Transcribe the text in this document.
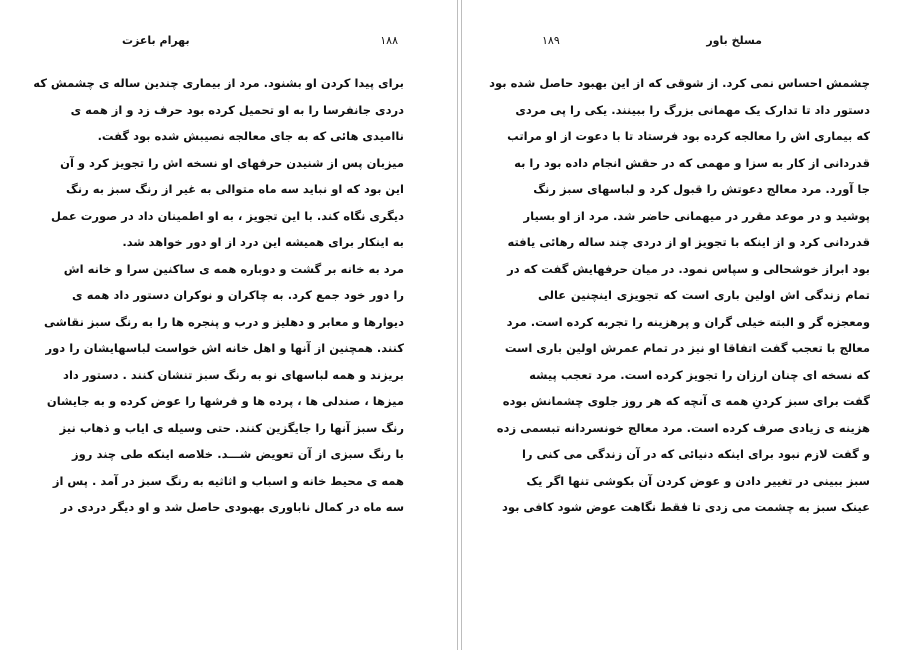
بهرام باعزت	۱۸۸
برای پیدا کردن او بشنود. مرد از بیماری چندین ساله ی چشمش که
دردی جانفرسا را به او تحمیل کرده بود حرف زد و از همه ی
ناامیدی هائی که به جای معالجه نصیبش شده بود گفت.
میزبان پس از شنیدن حرفهای او نسخه اش را تجویز کرد و آن
این بود که او نباید سه ماه متوالی به غیر از رنگ سبز به رنگ
دیگری نگاه کند. با این تجویز ، به او اطمینان داد در صورت عمل
به اینکار برای همیشه این درد از او دور خواهد شد.
مرد به خانه بر گشت و دوباره همه ی ساکنین سرا و خانه اش
را دور خود جمع کرد. به چاکران و نوکران دستور داد همه ی
دیوارها و معابر و دهلیز و درب و پنجره ها را به رنگ سبز نقاشی
کنند. همچنین از آنها و اهل خانه اش خواست لباسهایشان را دور
بریزند و همه لباسهای نو به رنگ سبز تنشان کنند . دستور داد
میزها ، صندلی ها ، پرده ها و فرشها را عوض کرده و به جایشان
رنگ سبز آنها را جایگزین کنند. حتی وسیله ی ایاب و ذهاب نیز
با رنگ سبزی از آن تعویض شـــد. خلاصه اینکه طی چند روز
همه ی محیط خانه و اسباب و اثاثیه به رنگ سبز در آمد . پس از
سه ماه در کمال ناباوری بهبودی حاصل شد و او دیگر دردی در
مسلخ باور
۱۸۹
چشمش احساس نمی کرد. از شوقی که از این بهبود حاصل شده بود
دستور داد تا تدارک یک مهمانی بزرگ را ببینند. یکی را پی مردی
که بیماری اش را معالجه کرده بود فرستاد تا با دعوت از او مراتب
قدردانی از کار به سزا و مهمی که در حقش انجام داده بود را به
جا آورد. مرد معالج دعوتش را قبول کرد و لباسهای سبز رنگ
پوشید و در موعد مقرر در میهمانی حاضر شد. مرد از او بسیار
قدردانی کرد و از اینکه با تجویز او از دردی چند ساله رهائی یافته
بود ابراز خوشحالی و سپاس نمود. در میان حرفهایش گفت که در
تمام زندگی اش اولین باری است که تجویزی اینچنین عالی
ومعجزه گر و البته خیلی گران و پرهزینه را تجربه کرده است. مرد
معالج با تعجب گفت اتفاقا او نیز در تمام عمرش اولین باری است
که نسخه ای چنان ارزان را تجویز کرده است. مرد تعجب پیشه
گفت برای سبز کردنِ همه ی آنچه که هر روز جلوی چشمانش بوده
هزینه ی زیادی صرف کرده است. مرد معالج خونسردانه تبسمی زده
و گفت لازم نبود برای اینکه دنیائی که در آن زندگی می کنی را
سبز ببینی در تغییر دادن و عوض کردن آن بکوشی تنها اگر یک
عینک سبز به چشمت می زدی تا فقط نگاهت عوض شود کافی بود
